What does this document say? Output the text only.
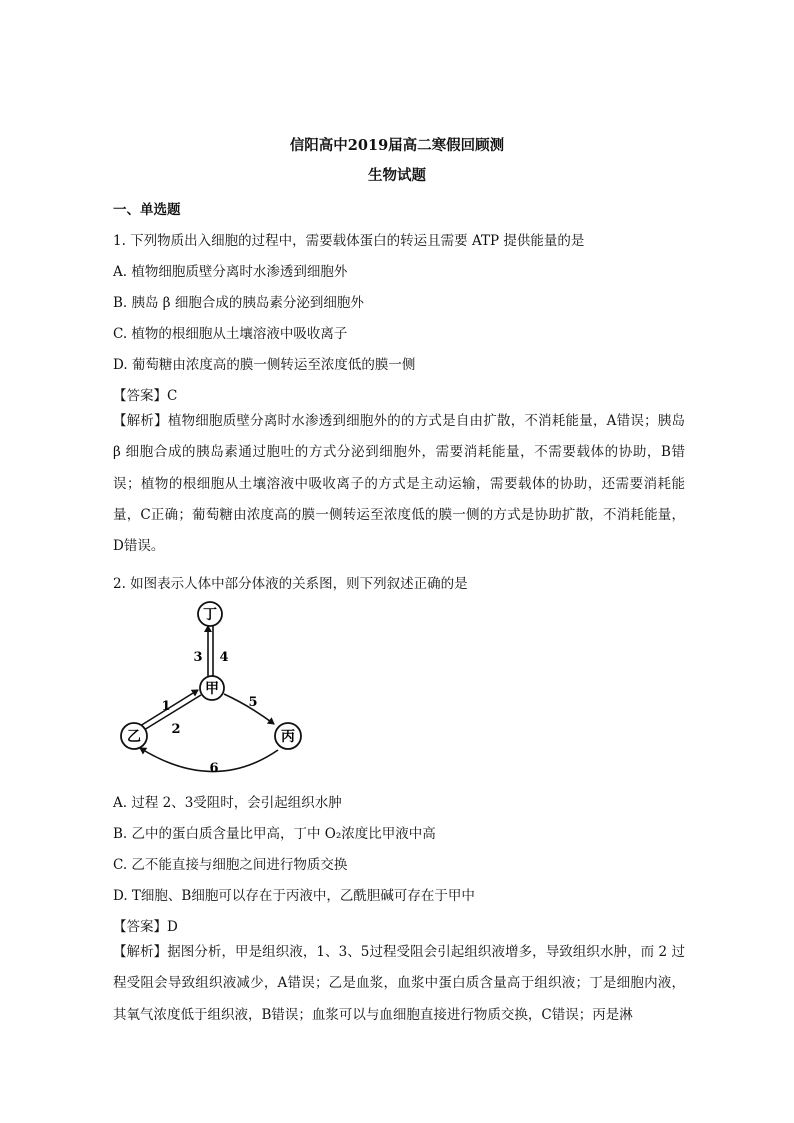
信阳高中2019届高二寒假回顾测
生物试题
一、单选题
1. 下列物质出入细胞的过程中，需要载体蛋白的转运且需要 ATP 提供能量的是
A. 植物细胞质壁分离时水渗透到细胞外
B. 胰岛 β 细胞合成的胰岛素分泌到细胞外
C. 植物的根细胞从土壤溶液中吸收离子
D. 葡萄糖由浓度高的膜一侧转运至浓度低的膜一侧
【答案】C
【解析】植物细胞质壁分离时水渗透到细胞外的的方式是自由扩散，不消耗能量，A错误；胰岛 β 细胞合成的胰岛素通过胞吐的方式分泌到细胞外，需要消耗能量，不需要载体的协助，B错误；植物的根细胞从土壤溶液中吸收离子的方式是主动运输，需要载体的协助，还需要消耗能量，C正确；葡萄糖由浓度高的膜一侧转运至浓度低的膜一侧的方式是协助扩散，不消耗能量，D错误。
2. 如图表示人体中部分体液的关系图，则下列叙述正确的是
丁
甲
乙	丙
3 4
1
2
5
6
A. 过程 2、3受阻时，会引起组织水肿
B. 乙中的蛋白质含量比甲高，丁中 O₂浓度比甲液中高
C. 乙不能直接与细胞之间进行物质交换
D. T细胞、B细胞可以存在于丙液中，乙酰胆碱可存在于甲中
【答案】D
【解析】据图分析，甲是组织液，1、3、5过程受阻会引起组织液增多，导致组织水肿，而 2 过程受阻会导致组织液减少，A错误；乙是血浆，血浆中蛋白质含量高于组织液；丁是细胞内液，其氧气浓度低于组织液，B错误；血浆可以与血细胞直接进行物质交换，C错误；丙是淋
